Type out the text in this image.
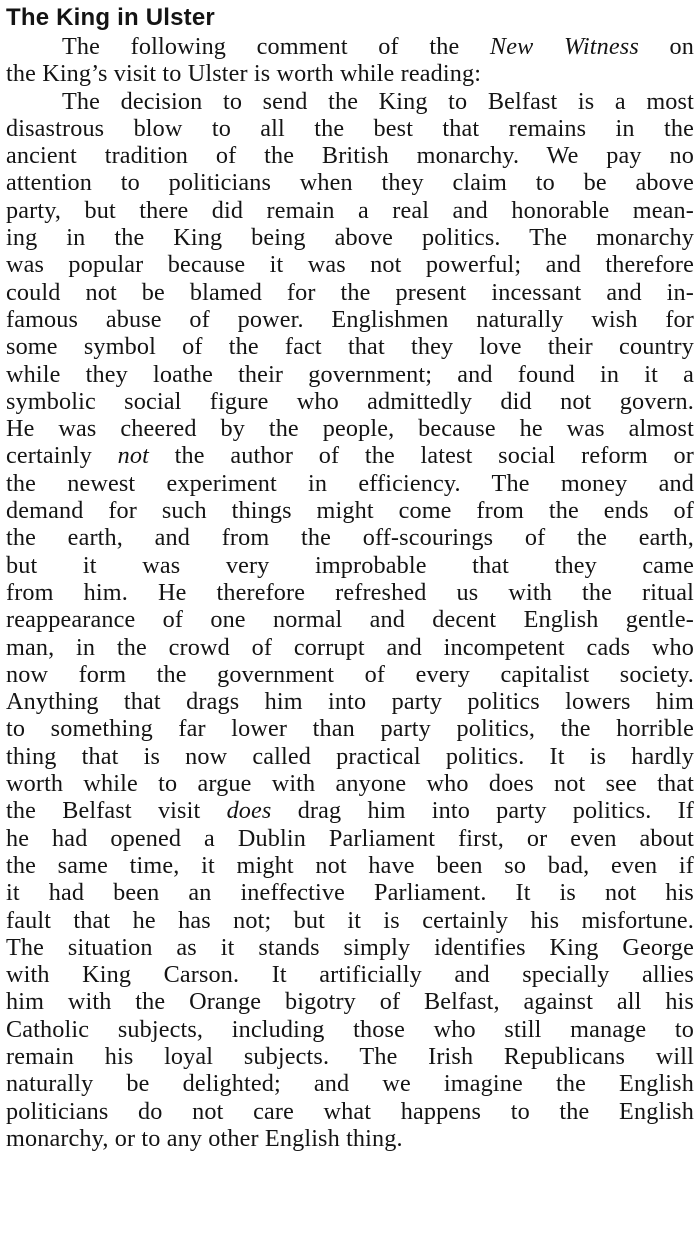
The King in Ulster
The following comment of the New Witness on
the King’s visit to Ulster is worth while reading:
The decision to send the King to Belfast is a most
disastrous blow to all the best that remains in the
ancient tradition of the British monarchy. We pay no
attention to politicians when they claim to be above
party, but there did remain a real and honorable mean-
ing in the King being above politics. The monarchy
was popular because it was not powerful; and therefore
could not be blamed for the present incessant and in-
famous abuse of power. Englishmen naturally wish for
some symbol of the fact that they love their country
while they loathe their government; and found in it a
symbolic social figure who admittedly did not govern.
He was cheered by the people, because he was almost
certainly not the author of the latest social reform or
the newest experiment in efficiency. The money and
demand for such things might come from the ends of
the earth, and from the off-scourings of the earth,
but it was very improbable that they came
from him. He therefore refreshed us with the ritual
reappearance of one normal and decent English gentle-
man, in the crowd of corrupt and incompetent cads who
now form the government of every capitalist society.
Anything that drags him into party politics lowers him
to something far lower than party politics, the horrible
thing that is now called practical politics. It is hardly
worth while to argue with anyone who does not see that
the Belfast visit does drag him into party politics. If
he had opened a Dublin Parliament first, or even about
the same time, it might not have been so bad, even if
it had been an ineffective Parliament. It is not his
fault that he has not; but it is certainly his misfortune.
The situation as it stands simply identifies King George
with King Carson. It artificially and specially allies
him with the Orange bigotry of Belfast, against all his
Catholic subjects, including those who still manage to
remain his loyal subjects. The Irish Republicans will
naturally be delighted; and we imagine the English
politicians do not care what happens to the English
monarchy, or to any other English thing.
